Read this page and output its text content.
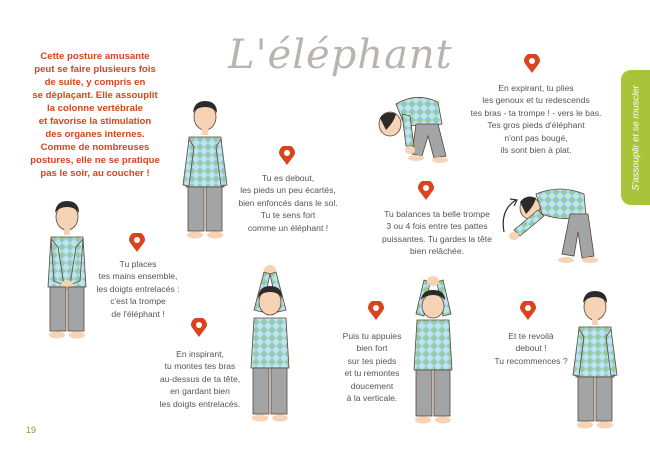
Cette posture amusante
peut se faire plusieurs fois
de suite, y compris en
se déplaçant. Elle assouplit
la colonne vertébrale
et favorise la stimulation
des organes internes.
Comme de nombreuses
postures, elle ne se pratique
pas le soir, au coucher !
L'éléphant
S'assouplir et se muscler
19
Tu es debout,
les pieds un peu écartés,
bien enfoncés dans le sol.
Tu te sens fort
comme un éléphant !
Tu places
tes mains ensemble,
les doigts entrelacés :
c'est la trompe
de l'éléphant !
En inspirant,
tu montes tes bras
au-dessus de ta tête,
en gardant bien
les doigts entrelacés.
En expirant, tu plies
les genoux et tu redescends
tes bras - ta trompe ! - vers le bas.
Tes gros pieds d'éléphant
n'ont pas bougé,
ils sont bien à plat.
Tu balances ta belle trompe
3 ou 4 fois entre tes pattes
puissantes. Tu gardes la tête
bien relâchée.
Puis tu appuies
bien fort
sur tes pieds
et tu remontes
doucement
à la verticale.
Et te revoilà
debout !
Tu recommences ?
